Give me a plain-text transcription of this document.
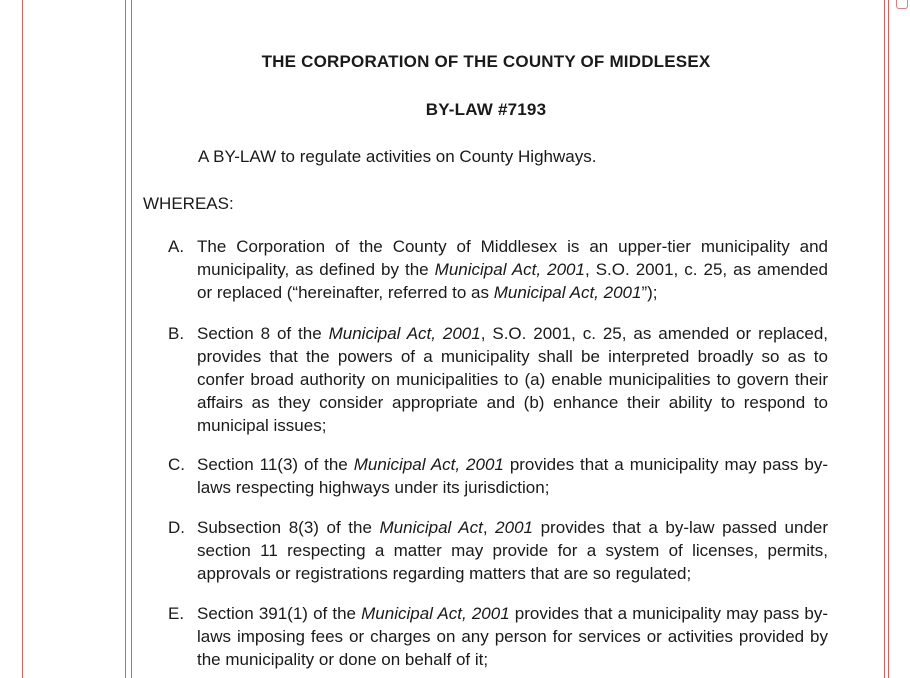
THE CORPORATION OF THE COUNTY OF MIDDLESEX
BY-LAW #7193
A BY-LAW to regulate activities on County Highways.
WHEREAS:
A. The Corporation of the County of Middlesex is an upper-tier municipality and municipality, as defined by the Municipal Act, 2001, S.O. 2001, c. 25, as amended or replaced (“hereinafter, referred to as Municipal Act, 2001”);
B. Section 8 of the Municipal Act, 2001, S.O. 2001, c. 25, as amended or replaced, provides that the powers of a municipality shall be interpreted broadly so as to confer broad authority on municipalities to (a) enable municipalities to govern their affairs as they consider appropriate and (b) enhance their ability to respond to municipal issues;
C. Section 11(3) of the Municipal Act, 2001 provides that a municipality may pass by-laws respecting highways under its jurisdiction;
D. Subsection 8(3) of the Municipal Act, 2001 provides that a by-law passed under section 11 respecting a matter may provide for a system of licenses, permits, approvals or registrations regarding matters that are so regulated;
E. Section 391(1) of the Municipal Act, 2001 provides that a municipality may pass by-laws imposing fees or charges on any person for services or activities provided by the municipality or done on behalf of it;
